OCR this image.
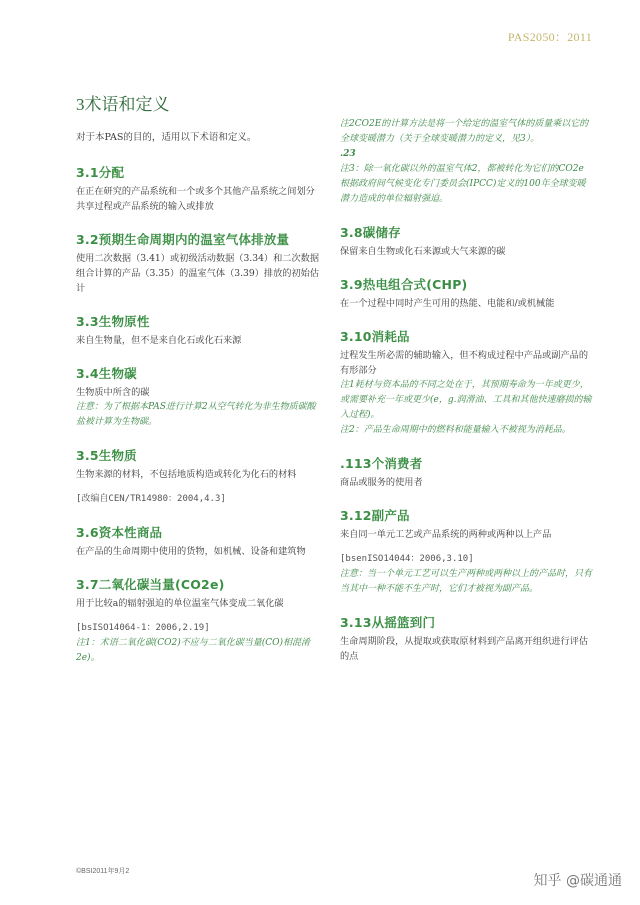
PAS2050：2011
3术语和定义

对于本PAS的目的，适用以下术语和定义。

3.1分配

在正在研究的产品系统和一个或多个其他产品系统之间划分共享过程或产品系统的输入或排放

3.2预期生命周期内的温室气体排放量

使用二次数据（3.41）或初级活动数据（3.34）和二次数据组合计算的产品（3.35）的温室气体（3.39）排放的初始估计

3.3生物原性

来自生物量，但不是来自化石或化石来源

3.4生物碳

生物质中所含的碳

注意：为了根据本PAS进行计算2从空气转化为非生物质碳酸盐被计算为生物碳。

3.5生物质

生物来源的材料，不包括地质构造或转化为化石的材料

[改编自CEN/TR14980：2004,4.3]

3.6资本性商品

在产品的生命周期中使用的货物，如机械、设备和建筑物

3.7二氧化碳当量(CO2e)

用于比较a的辐射强迫的单位温室气体变成二氧化碳

[bsISO14064-1：2006,2.19]

注1：术语二氧化碳(CO2)不应与二氧化碳当量(CO)相混淆2e)。

注2CO2E的计算方法是将一个给定的温室气体的质量乘以它的全球变暖潜力（关于全球变暖潜力的定义，见3）。

.23

注3：除一氧化碳以外的温室气体2，都被转化为它们的CO2e根据政府间气候变化专门委员会(IPCC)定义的100年全球变暖潜力造成的单位辐射强迫。

3.8碳储存

保留来自生物或化石来源或大气来源的碳

3.9热电组合式(CHP)

在一个过程中同时产生可用的热能、电能和/或机械能

3.10消耗品

过程发生所必需的辅助输入，但不构成过程中产品或副产品的有形部分

注1耗材与资本品的不同之处在于，其预期寿命为一年或更少，或需要补充一年或更少(e，g.润滑油、工具和其他快速磨损的输入过程)。

注2：产品生命周期中的燃料和能量输入不被视为消耗品。

.113个消费者

商品或服务的使用者

3.12副产品

来自同一单元工艺或产品系统的两种或两种以上产品

[bsenISO14044：2006,3.10]

注意：当一个单元工艺可以生产两种或两种以上的产品时，只有当其中一种不能不生产时，它们才被视为副产品。

3.13从摇篮到门

生命周期阶段，从提取或获取原材料到产品离开组织进行评估的点

©BSI2011年9月2
知乎 @碳通通
